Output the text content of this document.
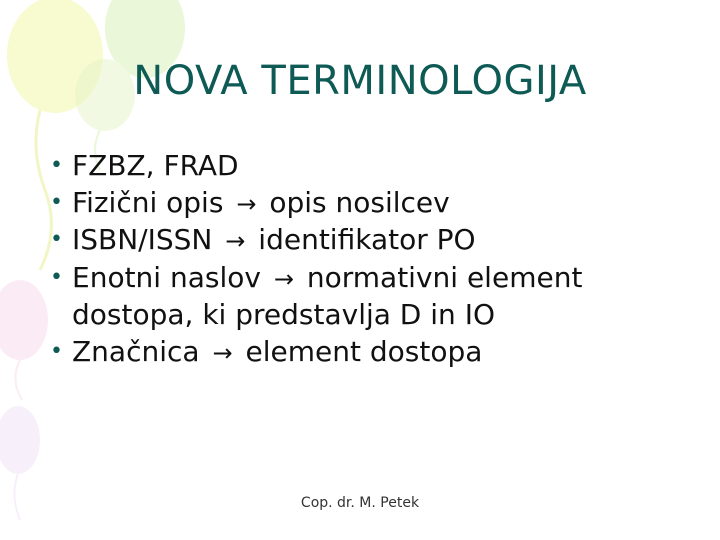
NOVA TERMINOLOGIJA
• FZBZ, FRAD
• Fizični opis → opis nosilcev
• ISBN/ISSN → identifikator PO
• Enotni naslov → normativni element
dostopa, ki predstavlja D in IO
• Značnica → element dostopa
Cop. dr. M. Petek
